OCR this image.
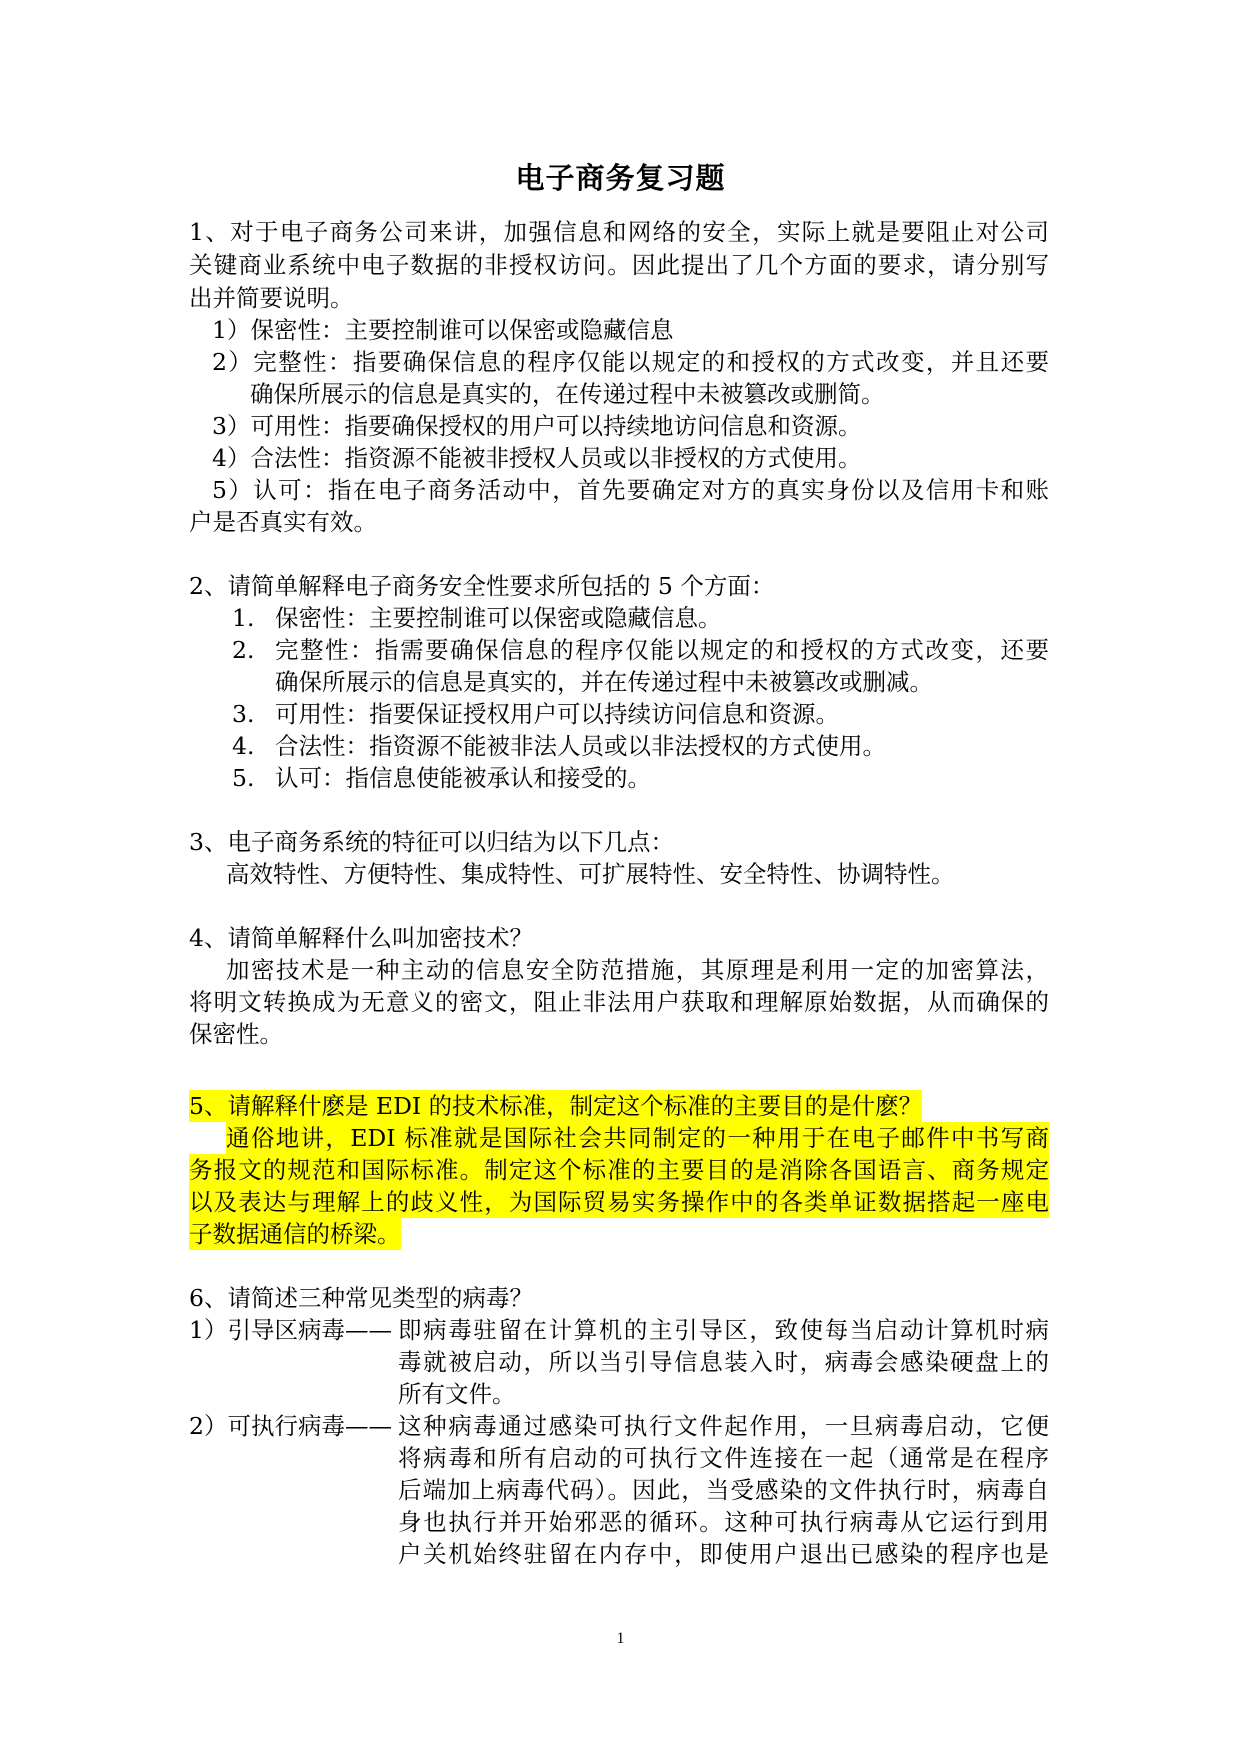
电子商务复习题
1、对于电子商务公司来讲，加强信息和网络的安全，实际上就是要阻止对公司
关键商业系统中电子数据的非授权访问。因此提出了几个方面的要求，请分别写
出并简要说明。
1）保密性：主要控制谁可以保密或隐藏信息
2）完整性：指要确保信息的程序仅能以规定的和授权的方式改变，并且还要
确保所展示的信息是真实的，在传递过程中未被篡改或删简。
3）可用性：指要确保授权的用户可以持续地访问信息和资源。
4）合法性：指资源不能被非授权人员或以非授权的方式使用。
5）认可：指在电子商务活动中，首先要确定对方的真实身份以及信用卡和账
户是否真实有效。
2、请简单解释电子商务安全性要求所包括的 5 个方面：
1. 保密性：主要控制谁可以保密或隐藏信息。
2. 完整性：指需要确保信息的程序仅能以规定的和授权的方式改变，还要
确保所展示的信息是真实的，并在传递过程中未被篡改或删减。
3. 可用性：指要保证授权用户可以持续访问信息和资源。
4. 合法性：指资源不能被非法人员或以非法授权的方式使用。
5. 认可：指信息使能被承认和接受的。
3、电子商务系统的特征可以归结为以下几点：
高效特性、方便特性、集成特性、可扩展特性、安全特性、协调特性。
4、请简单解释什么叫加密技术？
加密技术是一种主动的信息安全防范措施，其原理是利用一定的加密算法，
将明文转换成为无意义的密文，阻止非法用户获取和理解原始数据，从而确保的
保密性。
5、请解释什麽是 EDI 的技术标准，制定这个标准的主要目的是什麽？
通俗地讲，EDI 标准就是国际社会共同制定的一种用于在电子邮件中书写商
务报文的规范和国际标准。制定这个标准的主要目的是消除各国语言、商务规定
以及表达与理解上的歧义性，为国际贸易实务操作中的各类单证数据搭起一座电
子数据通信的桥梁。
6、请简述三种常见类型的病毒？
1）引导区病毒—— 即病毒驻留在计算机的主引导区，致使每当启动计算机时病
毒就被启动，所以当引导信息装入时，病毒会感染硬盘上的
所有文件。
2）可执行病毒—— 这种病毒通过感染可执行文件起作用，一旦病毒启动，它便
将病毒和所有启动的可执行文件连接在一起（通常是在程序
后端加上病毒代码）。因此，当受感染的文件执行时，病毒自
身也执行并开始邪恶的循环。这种可执行病毒从它运行到用
户关机始终驻留在内存中，即使用户退出已感染的程序也是
1
